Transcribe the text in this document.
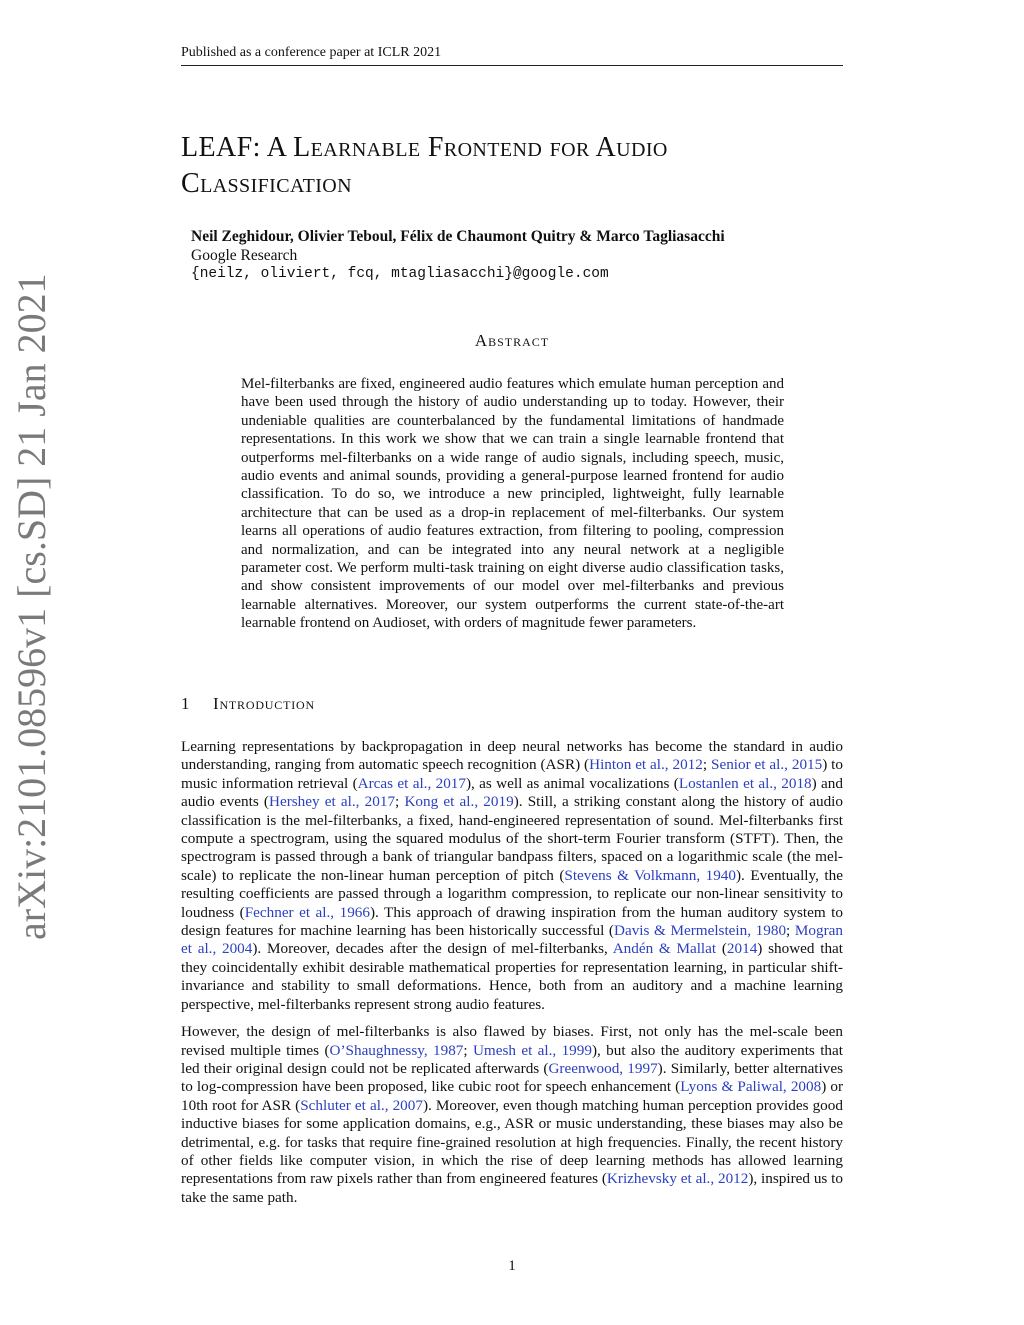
Published as a conference paper at ICLR 2021
arXiv:2101.08596v1 [cs.SD] 21 Jan 2021
LEAF: A Learnable Frontend for Audio Classification
Neil Zeghidour, Olivier Teboul, Félix de Chaumont Quitry & Marco Tagliasacchi
Google Research
{neilz, oliviert, fcq, mtagliasacchi}@google.com
Abstract
Mel-filterbanks are fixed, engineered audio features which emulate human perception and have been used through the history of audio understanding up to today. However, their undeniable qualities are counterbalanced by the fundamental limitations of handmade representations. In this work we show that we can train a single learnable frontend that outperforms mel-filterbanks on a wide range of audio signals, including speech, music, audio events and animal sounds, providing a general-purpose learned frontend for audio classification. To do so, we introduce a new principled, lightweight, fully learnable architecture that can be used as a drop-in replacement of mel-filterbanks. Our system learns all operations of audio features extraction, from filtering to pooling, compression and normalization, and can be integrated into any neural network at a negligible parameter cost. We perform multi-task training on eight diverse audio classification tasks, and show consistent improvements of our model over mel-filterbanks and previous learnable alternatives. Moreover, our system outperforms the current state-of-the-art learnable frontend on Audioset, with orders of magnitude fewer parameters.
1 Introduction

Learning representations by backpropagation in deep neural networks has become the standard in audio understanding, ranging from automatic speech recognition (ASR) (Hinton et al., 2012; Senior et al., 2015) to music information retrieval (Arcas et al., 2017), as well as animal vocalizations (Lostanlen et al., 2018) and audio events (Hershey et al., 2017; Kong et al., 2019). Still, a striking constant along the history of audio classification is the mel-filterbanks, a fixed, hand-engineered representation of sound. Mel-filterbanks first compute a spectrogram, using the squared modulus of the short-term Fourier transform (STFT). Then, the spectrogram is passed through a bank of triangular bandpass filters, spaced on a logarithmic scale (the mel-scale) to replicate the non-linear human perception of pitch (Stevens & Volkmann, 1940). Eventually, the resulting coefficients are passed through a logarithm compression, to replicate our non-linear sensitivity to loudness (Fechner et al., 1966). This approach of drawing inspiration from the human auditory system to design features for machine learning has been historically successful (Davis & Mermelstein, 1980; Mogran et al., 2004). Moreover, decades after the design of mel-filterbanks, Andén & Mallat (2014) showed that they coincidentally exhibit desirable mathematical properties for representation learning, in particular shift-invariance and stability to small deformations. Hence, both from an auditory and a machine learning perspective, mel-filterbanks represent strong audio features.

However, the design of mel-filterbanks is also flawed by biases. First, not only has the mel-scale been revised multiple times (O’Shaughnessy, 1987; Umesh et al., 1999), but also the auditory experiments that led their original design could not be replicated afterwards (Greenwood, 1997). Similarly, better alternatives to log-compression have been proposed, like cubic root for speech enhancement (Lyons & Paliwal, 2008) or 10th root for ASR (Schluter et al., 2007). Moreover, even though matching human perception provides good inductive biases for some application domains, e.g., ASR or music understanding, these biases may also be detrimental, e.g. for tasks that require fine-grained resolution at high frequencies. Finally, the recent history of other fields like computer vision, in which the rise of deep learning methods has allowed learning representations from raw pixels rather than from engineered features (Krizhevsky et al., 2012), inspired us to take the same path.

1
